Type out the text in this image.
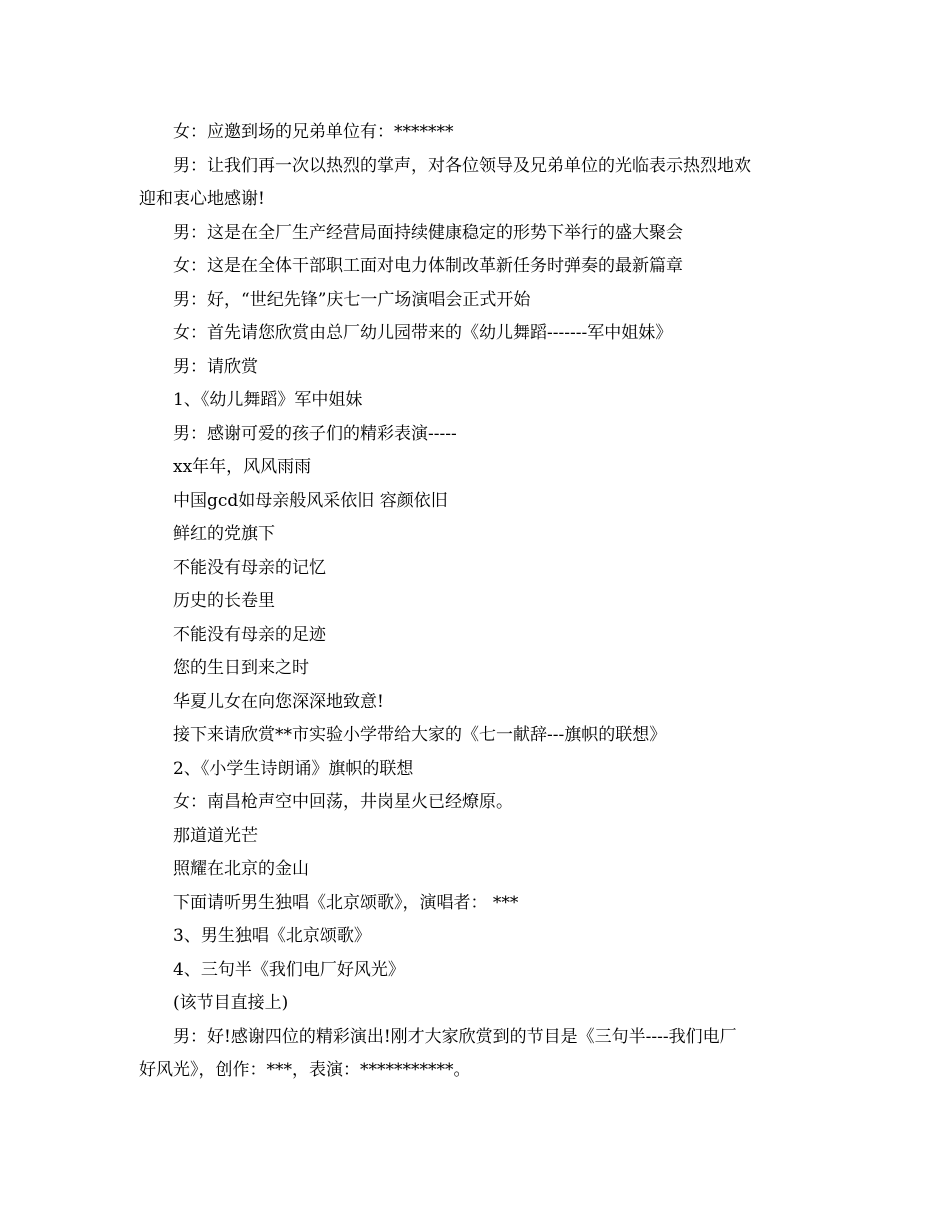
女：应邀到场的兄弟单位有：*******
男：让我们再一次以热烈的掌声，对各位领导及兄弟单位的光临表示热烈地欢
迎和衷心地感谢!
男：这是在全厂生产经营局面持续健康稳定的形势下举行的盛大聚会
女：这是在全体干部职工面对电力体制改革新任务时弹奏的最新篇章
男：好，“世纪先锋”庆七一广场演唱会正式开始
女：首先请您欣赏由总厂幼儿园带来的《幼儿舞蹈-------军中姐妹》
男：请欣赏
1、《幼儿舞蹈》军中姐妹
男：感谢可爱的孩子们的精彩表演-----
xx年年，风风雨雨
中国gcd如母亲般风采依旧 容颜依旧
鲜红的党旗下
不能没有母亲的记忆
历史的长卷里
不能没有母亲的足迹
您的生日到来之时
华夏儿女在向您深深地致意!
接下来请欣赏**市实验小学带给大家的《七一献辞---旗帜的联想》
2、《小学生诗朗诵》旗帜的联想
女：南昌枪声空中回荡，井岗星火已经燎原。
那道道光芒
照耀在北京的金山
下面请听男生独唱《北京颂歌》，演唱者： ***
3、男生独唱《北京颂歌》
4、三句半《我们电厂好风光》
(该节目直接上)
男：好!感谢四位的精彩演出!刚才大家欣赏到的节目是《三句半----我们电厂
好风光》，创作：***，表演：***********。
